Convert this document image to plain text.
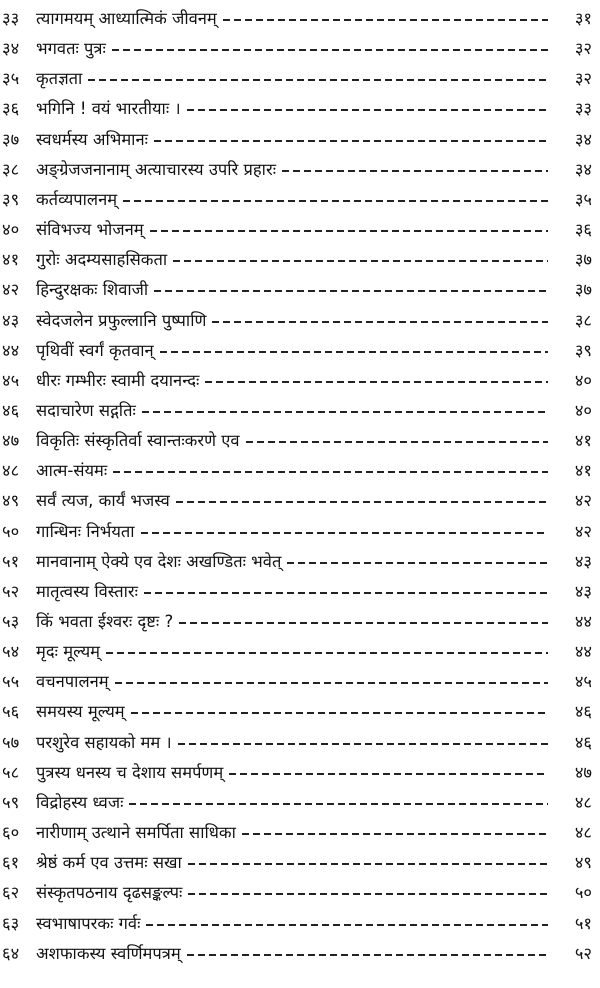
३३	त्यागमयम् आध्यात्मिकं जीवनम्	३१
३४	भगवतः पुत्रः	३२
३५	कृतज्ञता	३२
३६	भगिनि ! वयं भारतीयाः ।	३३
३७	स्वधर्मस्य अभिमानः	३४
३८	अङ्ग्रेजजनानाम् अत्याचारस्य उपरि प्रहारः	३४
३९	कर्तव्यपालनम्	३५
४०	संविभज्य भोजनम्	३६
४१	गुरोः अदम्यसाहसिकता	३७
४२	हिन्दुरक्षकः शिवाजी	३७
४३	स्वेदजलेन प्रफुल्लानि पुष्पाणि	३८
४४	पृथिवीं स्वर्गं कृतवान्	३९
४५	धीरः गम्भीरः स्वामी दयानन्दः	४०
४६	सदाचारेण सद्गतिः	४०
४७	विकृतिः संस्कृतिर्वा स्वान्तःकरणे एव	४१
४८	आत्म-संयमः	४१
४९	सर्वं त्यज, कार्यं भजस्व	४२
५०	गान्धिनः निर्भयता	४२
५१	मानवानाम् ऐक्ये एव देशः अखण्डितः भवेत्	४३
५२	मातृत्वस्य विस्तारः	४३
५३	किं भवता ईश्वरः दृष्टः ?	४४
५४	मृदः मूल्यम्	४४
५५	वचनपालनम्	४५
५६	समयस्य मूल्यम्	४६
५७	परशुरेव सहायको मम ।	४६
५८	पुत्रस्य धनस्य च देशाय समर्पणम्	४७
५९	विद्रोहस्य ध्वजः	४८
६०	नारीणाम् उत्थाने समर्पिता साधिका	४८
६१	श्रेष्ठं कर्म एव उत्तमः सखा	४९
६२	संस्कृतपठनाय दृढसङ्कल्पः	५०
६३	स्वभाषापरकः गर्वः	५१
६४	अशफाकस्य स्वर्णिमपत्रम्	५२
